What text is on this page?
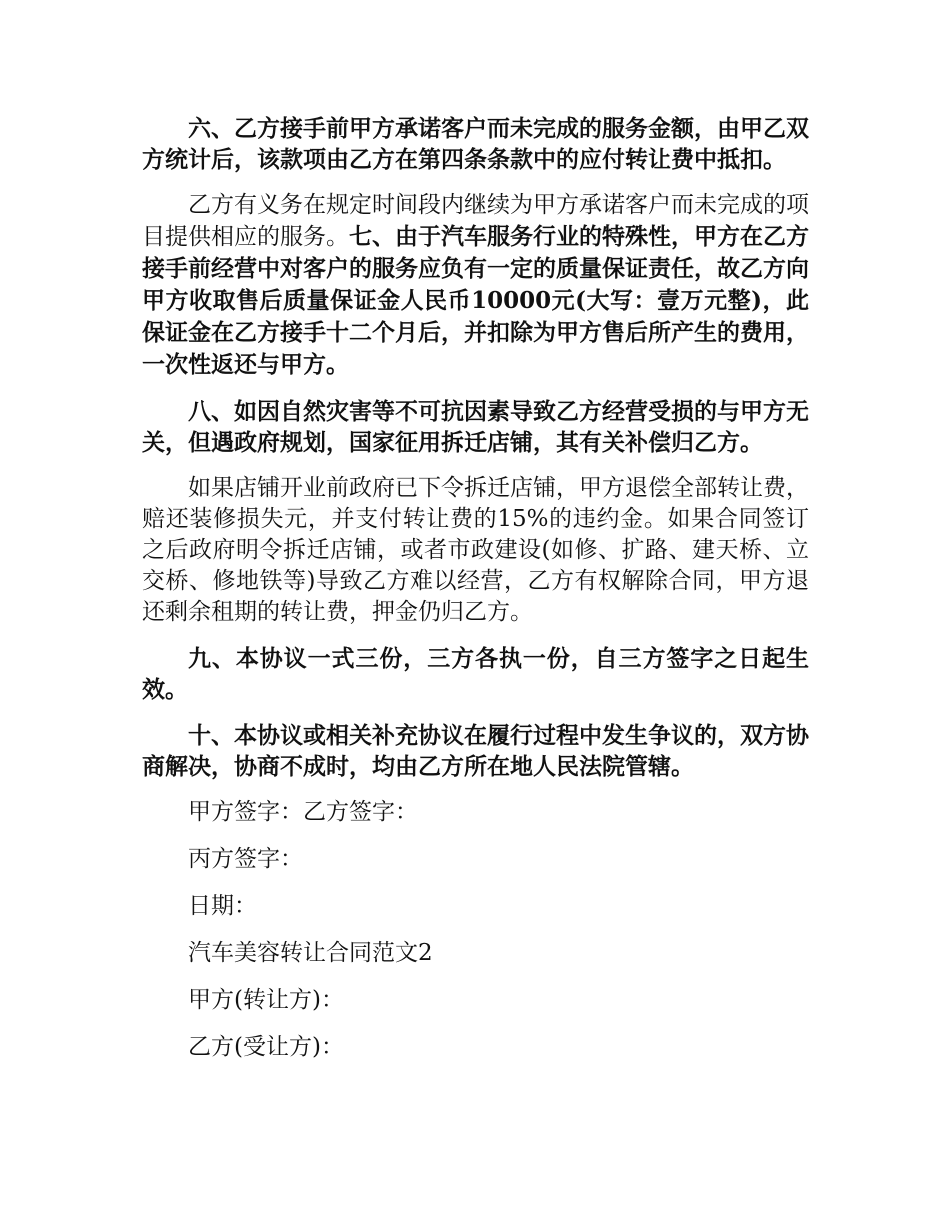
六、乙方接手前甲方承诺客户而未完成的服务金额，由甲乙双方统计后，该款项由乙方在第四条条款中的应付转让费中抵扣。

乙方有义务在规定时间段内继续为甲方承诺客户而未完成的项目提供相应的服务。七、由于汽车服务行业的特殊性，甲方在乙方接手前经营中对客户的服务应负有一定的质量保证责任，故乙方向甲方收取售后质量保证金人民币10000元(大写：壹万元整)，此保证金在乙方接手十二个月后，并扣除为甲方售后所产生的费用，一次性返还与甲方。

八、如因自然灾害等不可抗因素导致乙方经营受损的与甲方无关，但遇政府规划，国家征用拆迁店铺，其有关补偿归乙方。

如果店铺开业前政府已下令拆迁店铺，甲方退偿全部转让费，赔还装修损失元，并支付转让费的15%的违约金。如果合同签订之后政府明令拆迁店铺，或者市政建设(如修、扩路、建天桥、立交桥、修地铁等)导致乙方难以经营，乙方有权解除合同，甲方退还剩余租期的转让费，押金仍归乙方。

九、本协议一式三份，三方各执一份，自三方签字之日起生效。

十、本协议或相关补充协议在履行过程中发生争议的，双方协商解决，协商不成时，均由乙方所在地人民法院管辖。

甲方签字：乙方签字：

丙方签字：

日期：

汽车美容转让合同范文2

甲方(转让方)：

乙方(受让方)：
